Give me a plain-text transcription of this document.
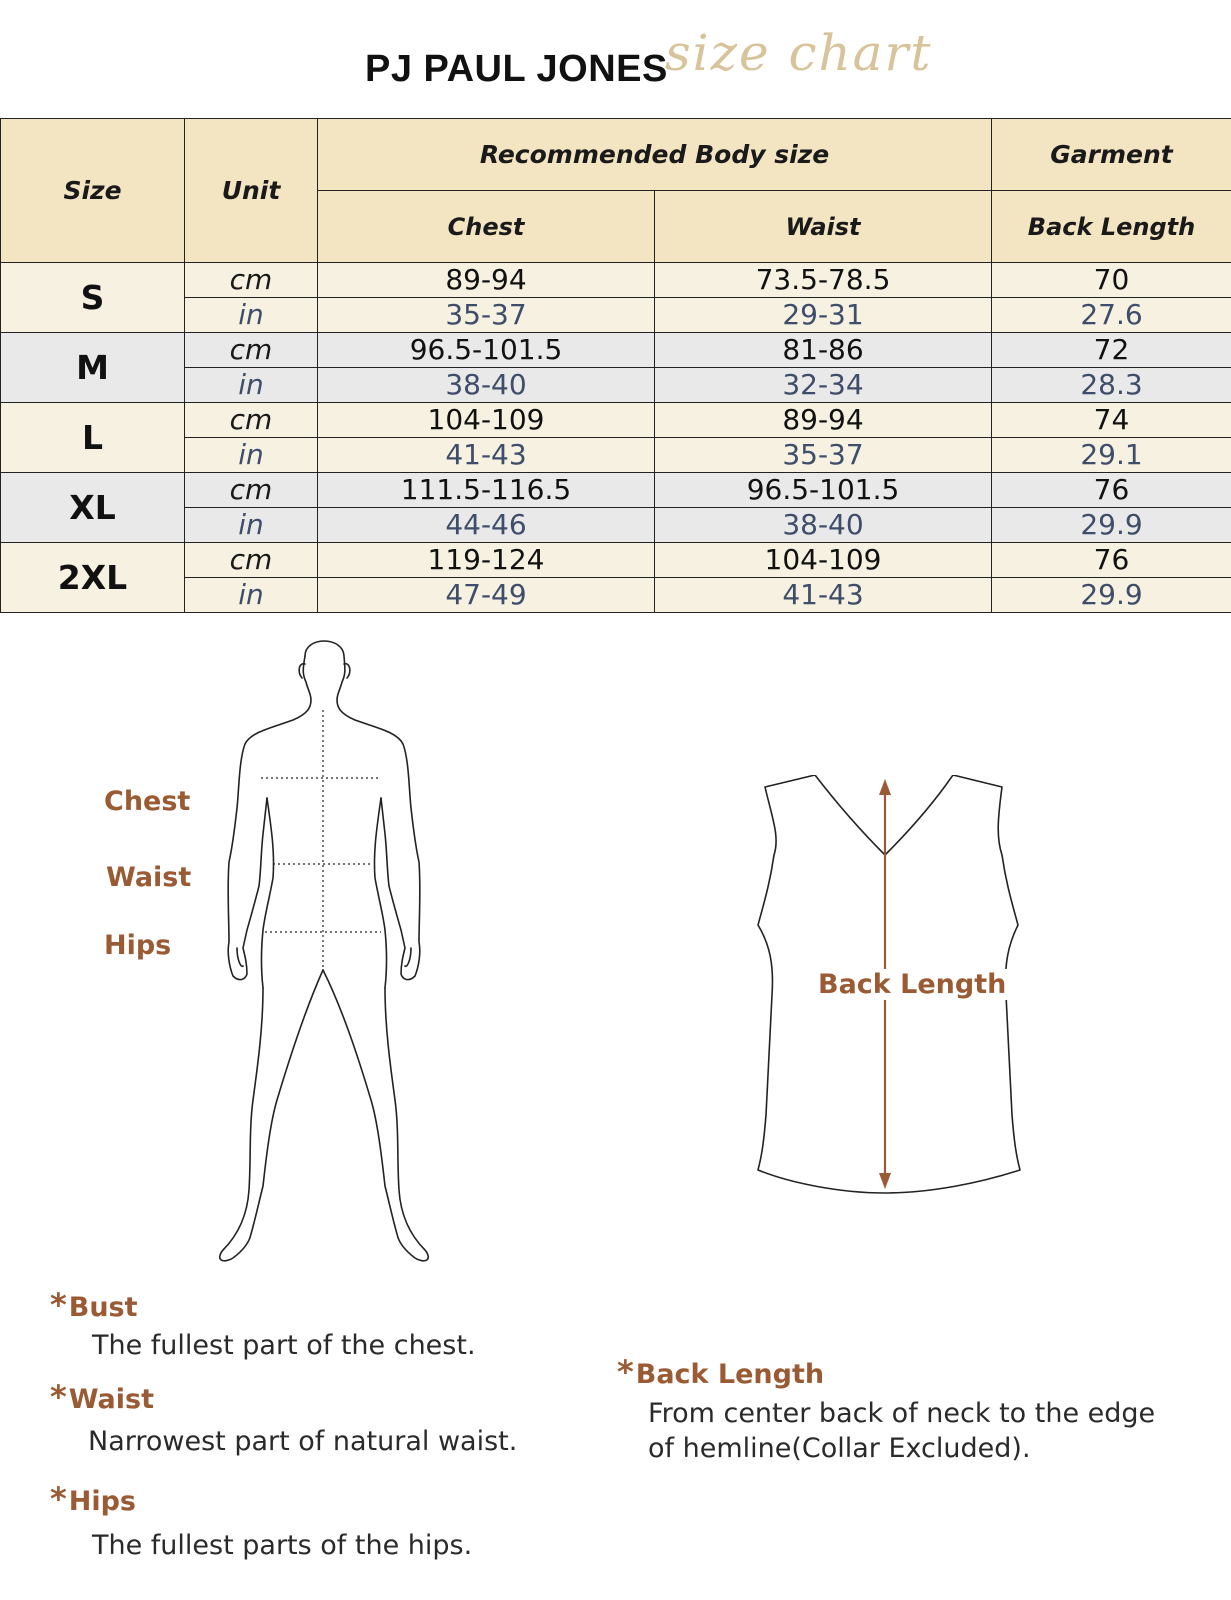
PJ PAUL JONES
size chart
Size	Unit	Recommended Body size		Garment
		Chest	Waist	Back Length
S	cm	89-94	73.5-78.5	70
	in	35-37	29-31	27.6
M	cm	96.5-101.5	81-86	72
	in	38-40	32-34	28.3
L	cm	104-109	89-94	74
	in	41-43	35-37	29.1
XL	cm	111.5-116.5	96.5-101.5	76
	in	44-46	38-40	29.9
2XL	cm	119-124	104-109	76
	in	47-49	41-43	29.9
Chest
Waist
Hips
Back Length
*Bust
The fullest part of the chest.
*Waist
Narrowest part of natural waist.
*Hips
The fullest parts of the hips.
*Back Length
From center back of neck to the edge
of hemline(Collar Excluded).
